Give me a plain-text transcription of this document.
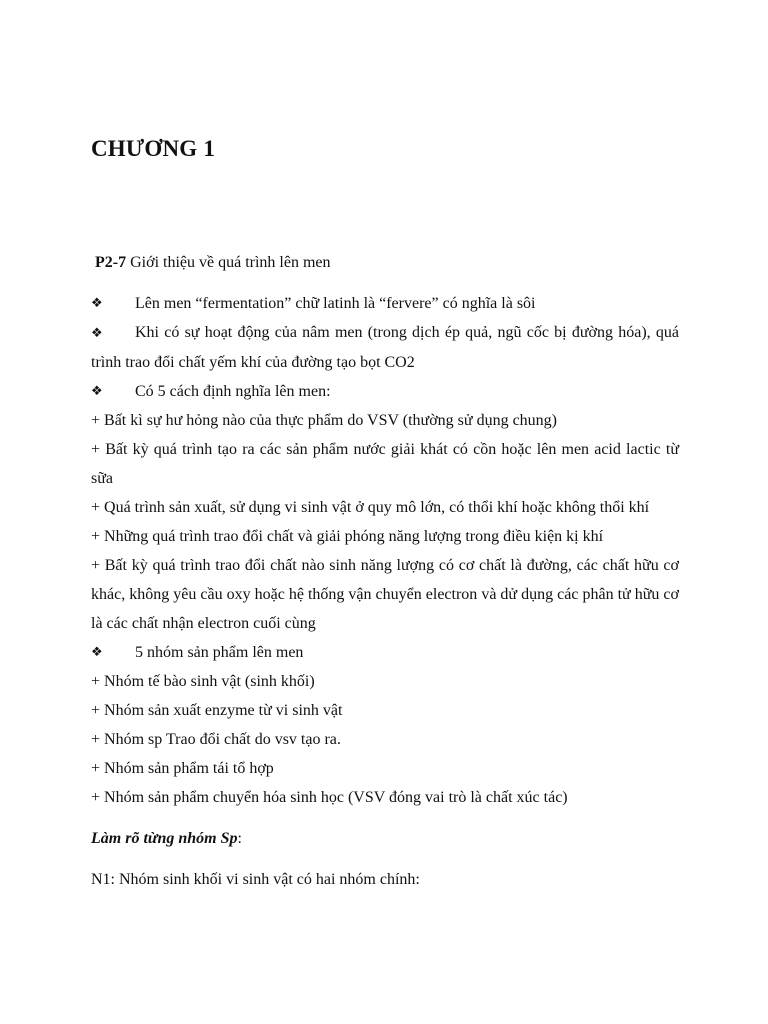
CHƯƠNG 1

P2-7 Giới thiệu về quá trình lên men

❖	Lên men “fermentation” chữ latinh là “fervere” có nghĩa là sôi

❖ Khi có sự hoạt động của nâm men (trong dịch ép quả, ngũ cốc bị đường hóa), quá trình trao đổi chất yếm khí của đường tạo bọt CO2

❖	Có 5 cách định nghĩa lên men:

+ Bất kì sự hư hỏng nào của thực phẩm do VSV (thường sử dụng chung)

+ Bất kỳ quá trình tạo ra các sản phẩm nước giải khát có cồn hoặc lên men acid lactic từ sữa

+ Quá trình sản xuất, sử dụng vi sinh vật ở quy mô lớn, có thổi khí hoặc không thổi khí

+ Những quá trình trao đổi chất và giải phóng năng lượng trong điều kiện kị khí

+ Bất kỳ quá trình trao đổi chất nào sinh năng lượng có cơ chất là đường, các chất hữu cơ khác, không yêu cầu oxy hoặc hệ thống vận chuyển electron và dử dụng các phân tử hữu cơ là các chất nhận electron cuối cùng

❖	5 nhóm sản phẩm lên men

+ Nhóm tế bào sinh vật (sinh khối)

+ Nhóm sản xuất enzyme từ vi sinh vật

+ Nhóm sp Trao đổi chất do vsv tạo ra.

+ Nhóm sản phẩm tái tổ hợp

+ Nhóm sản phẩm chuyển hóa sinh học (VSV đóng vai trò là chất xúc tác)

Làm rõ từng nhóm Sp:

N1: Nhóm sinh khối vi sinh vật có hai nhóm chính:
